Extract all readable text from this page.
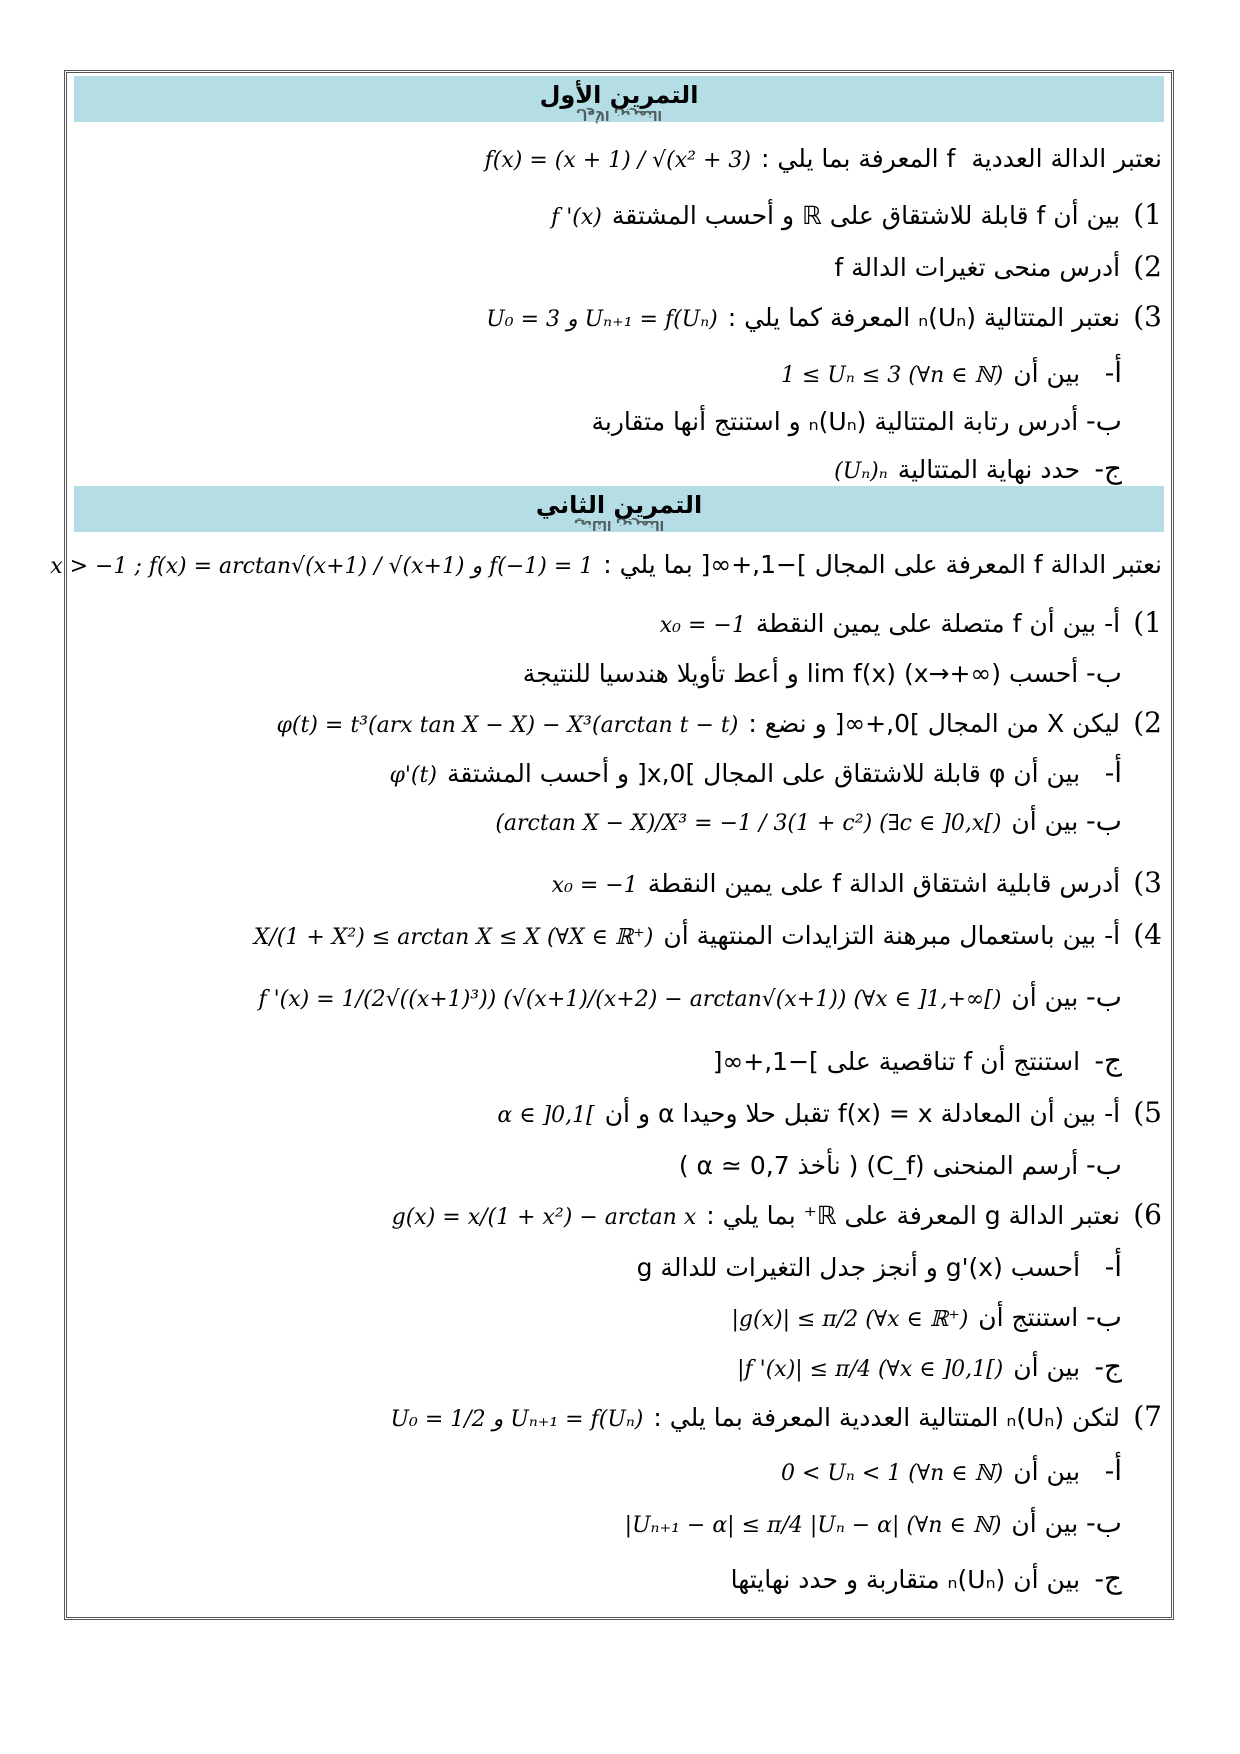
التمرين الأول
التمرين الأول
نعتبر الدالة العددية f المعرفة بما يلي :f(x) = (x + 1) / √(x² + 3)
1) بين أن f قابلة للاشتقاق على ℝ و أحسب المشتقةf '(x)
2) أدرس منحى تغيرات الدالة f
3) نعتبر المتتالية (Uₙ)ₙ المعرفة كما يلي :U₀ = 3 و Uₙ₊₁ = f(Uₙ)
أ- بين أن1 ≤ Uₙ ≤ 3 (∀n ∈ ℕ)
ب- أدرس رتابة المتتالية (Uₙ)ₙ و استنتج أنها متقاربة
ج- حدد نهاية المتتالية(Uₙ)ₙ
التمرين الثاني
التمرين الثاني
نعتبر الدالة f المعرفة على المجال ]−1,+∞[ بما يلي :x > −1 ; f(x) = arctan√(x+1) / √(x+1) و f(−1) = 1
1) أ- بين أن f متصلة على يمين النقطةx₀ = −1
ب- أحسب lim f(x) (x→+∞) و أعط تأويلا هندسيا للنتيجة
2) ليكن X من المجال ]0,+∞[ و نضع :φ(t) = t³(arx tan X − X) − X³(arctan t − t)
أ- بين أن φ قابلة للاشتقاق على المجال ]0,x[ و أحسب المشتقةφ'(t)
ب- بين أن(arctan X − X)/X³ = −1 / 3(1 + c²) (∃c ∈ ]0,x[)
3) أدرس قابلية اشتقاق الدالة f على يمين النقطةx₀ = −1
4) أ- بين باستعمال مبرهنة التزايدات المنتهية أنX/(1 + X²) ≤ arctan X ≤ X (∀X ∈ ℝ⁺)
ب- بين أنf '(x) = 1/(2√((x+1)³)) (√(x+1)/(x+2) − arctan√(x+1)) (∀x ∈ ]1,+∞[)
ج- استنتج أن f تناقصية على ]−1,+∞[
5) أ- بين أن المعادلة f(x) = x تقبل حلا وحيدا α و أنα ∈ ]0,1[
ب- أرسم المنحنى (C_f) ( نأخذ α ≃ 0,7 )
6) نعتبر الدالة g المعرفة على ℝ⁺ بما يلي :g(x) = x/(1 + x²) − arctan x
أ- أحسب g'(x) و أنجز جدل التغيرات للدالة g
ب- استنتج أن|g(x)| ≤ π/2 (∀x ∈ ℝ⁺)
ج- بين أن|f '(x)| ≤ π/4 (∀x ∈ ]0,1[)
7) لتكن (Uₙ)ₙ المتتالية العددية المعرفة بما يلي :U₀ = 1/2 و Uₙ₊₁ = f(Uₙ)
أ- بين أن0 < Uₙ < 1 (∀n ∈ ℕ)
ب- بين أن|Uₙ₊₁ − α| ≤ π/4 |Uₙ − α| (∀n ∈ ℕ)
ج- بين أن (Uₙ)ₙ متقاربة و حدد نهايتها
